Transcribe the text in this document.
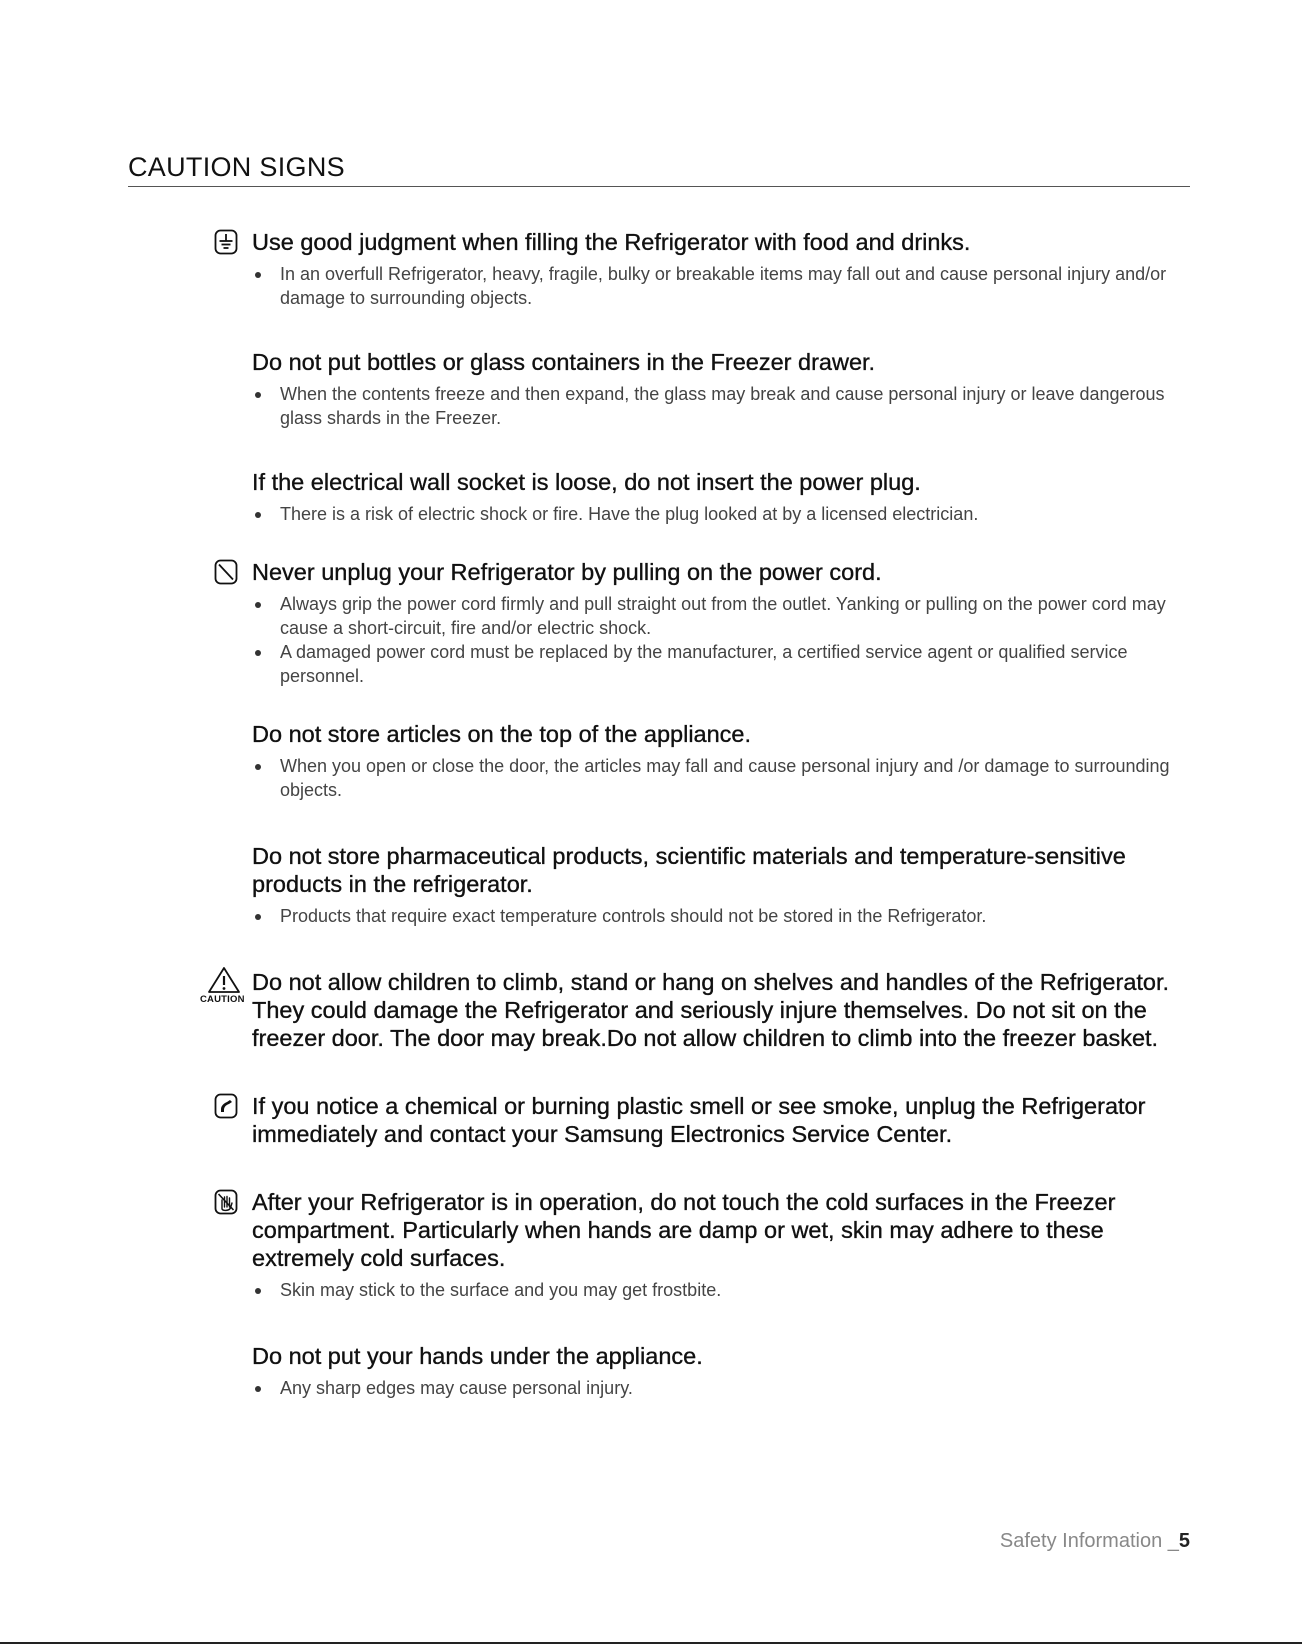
CAUTION SIGNS

Use good judgment when filling the Refrigerator with food and drinks.

In an overfull Refrigerator, heavy, fragile, bulky or breakable items may fall out and cause personal injury and/or damage to surrounding objects.

Do not put bottles or glass containers in the Freezer drawer.

When the contents freeze and then expand, the glass may break and cause personal injury or leave dangerous glass shards in the Freezer.

If the electrical wall socket is loose, do not insert the power plug.

There is a risk of electric shock or fire. Have the plug looked at by a licensed electrician.

Never unplug your Refrigerator by pulling on the power cord.

Always grip the power cord firmly and pull straight out from the outlet. Yanking or pulling on the power cord may cause a short-circuit, fire and/or electric shock.
A damaged power cord must be replaced by the manufacturer, a certified service agent or qualified service personnel.

Do not store articles on the top of the appliance.

When you open or close the door, the articles may fall and cause personal injury and /or damage to surrounding objects.

Do not store pharmaceutical products, scientific materials and temperature-sensitive products in the refrigerator.

Products that require exact temperature controls should not be stored in the Refrigerator.
CAUTION

Do not allow children to climb, stand or hang on shelves and handles of the Refrigerator. They could damage the Refrigerator and seriously injure themselves. Do not sit on the freezer door. The door may break.Do not allow children to climb into the freezer basket.

If you notice a chemical or burning plastic smell or see smoke, unplug the Refrigerator immediately and contact your Samsung Electronics Service Center.

After your Refrigerator is in operation, do not touch the cold surfaces in the Freezer compartment. Particularly when hands are damp or wet, skin may adhere to these extremely cold surfaces.

Skin may stick to the surface and you may get frostbite.

Do not put your hands under the appliance.

Any sharp edges may cause personal injury.
Safety Information _5
